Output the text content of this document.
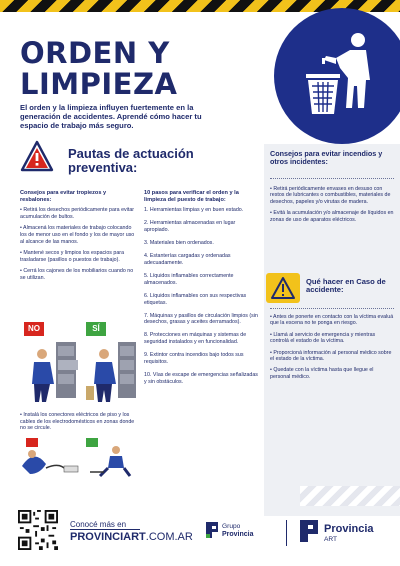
ORDEN Y
LIMPIEZA

El orden y la limpieza influyen fuertemente en la generación de accidentes. Aprendé cómo hacer tu espacio de trabajo más seguro.

Pautas de actuación preventiva:
Consejos para evitar tropiezos y resbalones:

• Retirá los desechos periódicamente para evitar acumulación de bultos.

• Almacená los materiales de trabajo colocando los de menor uso en el fondo y los de mayor uso al alcance de las manos.

• Mantené secos y limpios los espacios para trasladarse (pasillos o puestos de trabajo).

• Cerrá los cajones de los mobiliarios cuando no se utilizan.

NO	SÍ

• Instalá los conectores eléctricos de piso y los cables de los electrodomésticos en zonas donde no se circule.

10 pasos para verificar el orden y la limpieza del puesto de trabajo:

1. Herramientas limpias y en buen estado.

2. Herramientas almacenadas en lugar apropiado.

3. Materiales bien ordenados.

4. Estanterías cargadas y ordenadas adecuadamente.

5. Líquidos inflamables correctamente almacenados.

6. Líquidos inflamables con sus respectivas etiquetas.

7. Máquinas y pasillos de circulación limpios (sin desechos, grasas y aceites derramados).

8. Protecciones en máquinas y sistemas de seguridad instalados y en funcionalidad.

9. Extintor contra incendios bajo todos sus requisitos.

10. Vías de escape de emergencias señalizadas y sin obstáculos.

Consejos para evitar incendios y otros incidentes:

• Retirá periódicamente envases en desuso con restos de lubricantes o combustibles, materiales de desechos, papeles y/o virutas de madera.

• Evitá la acumulación y/o almacenaje de líquidos en zonas de uso de aparatos eléctricos.

Qué hacer en Caso de accidente:

• Antes de ponerte en contacto con la víctima evaluá que la escena no te ponga en riesgo.

• Llamá al servicio de emergencia y mientras controlá el estado de la víctima.

• Proporcioná información al personal médico sobre el estado de la víctima.

• Quedate con la víctima hasta que llegue el personal médico.

Conocé más en
PROVINCIART.COM.AR
Grupo
Provincia	Provincia
ART
